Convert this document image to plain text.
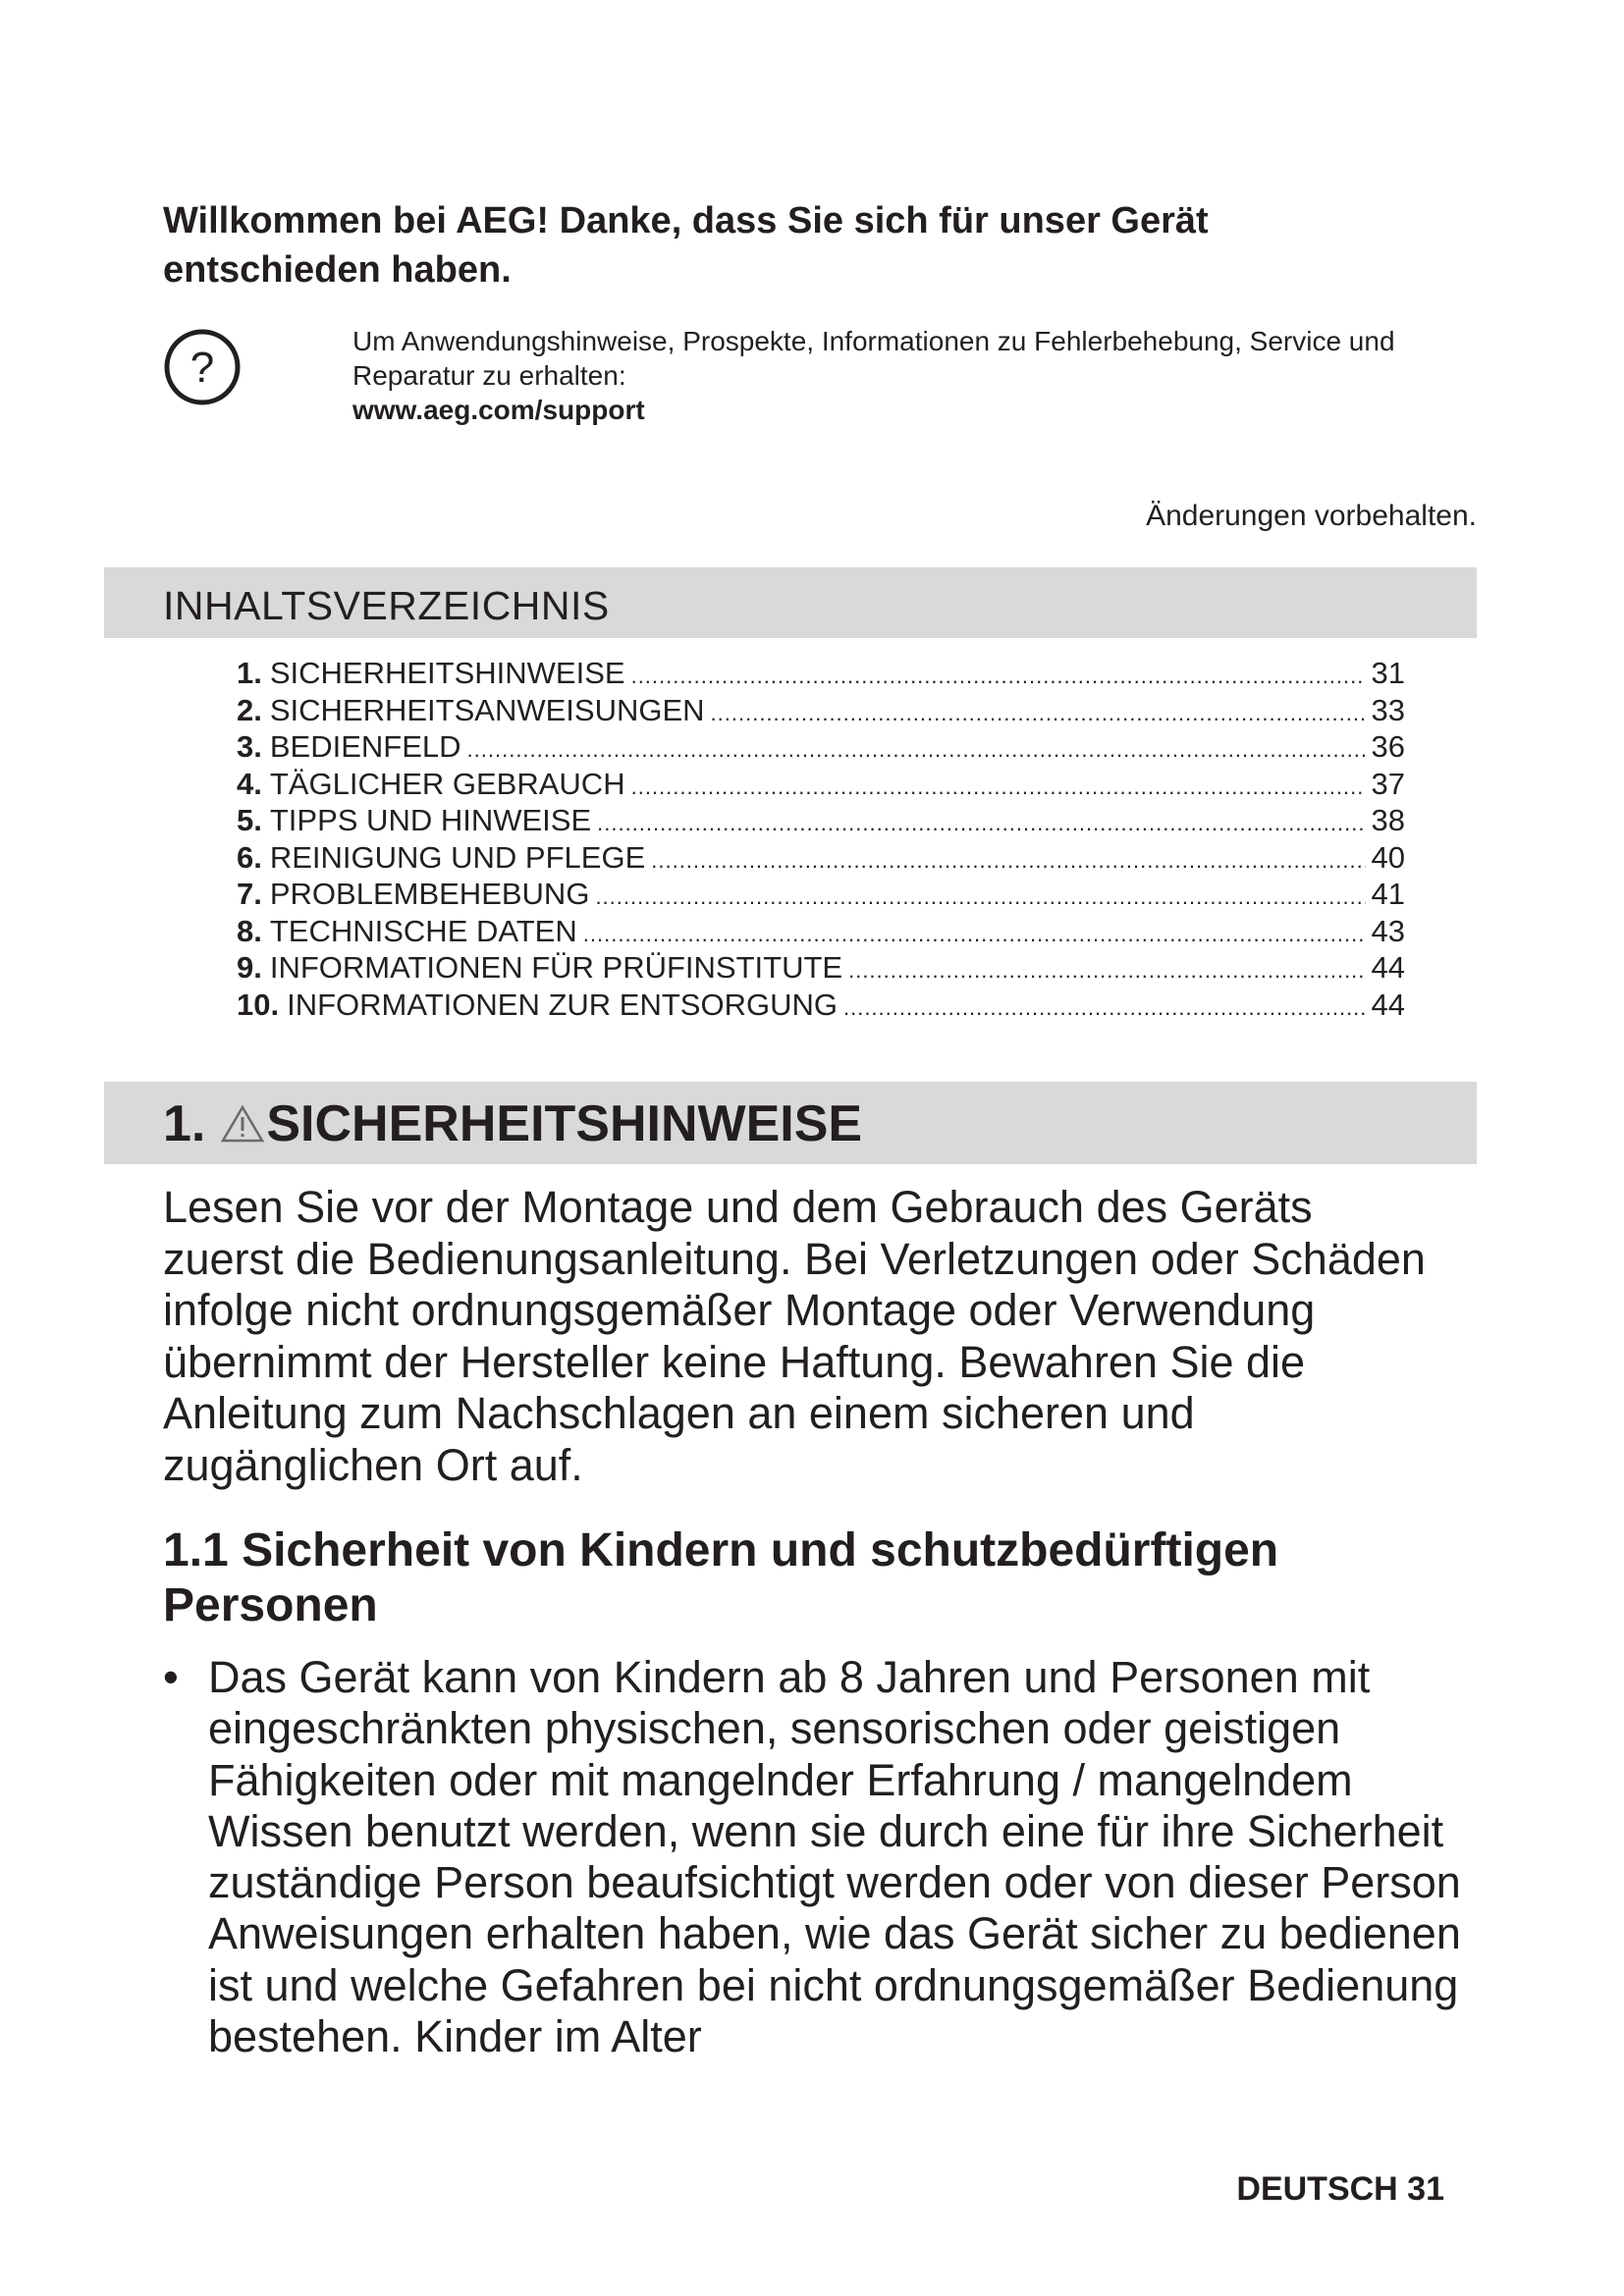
Willkommen bei AEG! Danke, dass Sie sich für unser Gerät entschieden haben.
?
Um Anwendungshinweise, Prospekte, Informationen zu Fehlerbehebung, Service und Reparatur zu erhalten:
www.aeg.com/support
Änderungen vorbehalten.
INHALTSVERZEICHNIS
1. SICHERHEITSHINWEISE .....	31
2. SICHERHEITSANWEISUNGEN .....	33
3. BEDIENFELD .....	36
4. TÄGLICHER GEBRAUCH .....	37
5. TIPPS UND HINWEISE .....	38
6. REINIGUNG UND PFLEGE .....	40
7. PROBLEMBEHEBUNG .....	41
8. TECHNISCHE DATEN .....	43
9. INFORMATIONEN FÜR PRÜFINSTITUTE .....	44
10. INFORMATIONEN ZUR ENTSORGUNG .....	44
1. SICHERHEITSHINWEISE
Lesen Sie vor der Montage und dem Gebrauch des Geräts zuerst die Bedienungsanleitung. Bei Verletzungen oder Schäden infolge nicht ordnungsgemäßer Montage oder Verwendung übernimmt der Hersteller keine Haftung. Bewahren Sie die Anleitung zum Nachschlagen an einem sicheren und zugänglichen Ort auf.
1.1 Sicherheit von Kindern und schutzbedürftigen Personen
• Das Gerät kann von Kindern ab 8 Jahren und Personen mit eingeschränkten physischen, sensorischen oder geistigen Fähigkeiten oder mit mangelnder Erfahrung / mangelndem Wissen benutzt werden, wenn sie durch eine für ihre Sicherheit zuständige Person beaufsichtigt werden oder von dieser Person Anweisungen erhalten haben, wie das Gerät sicher zu bedienen ist und welche Gefahren bei nicht ordnungsgemäßer Bedienung bestehen. Kinder im Alter
DEUTSCH 31
